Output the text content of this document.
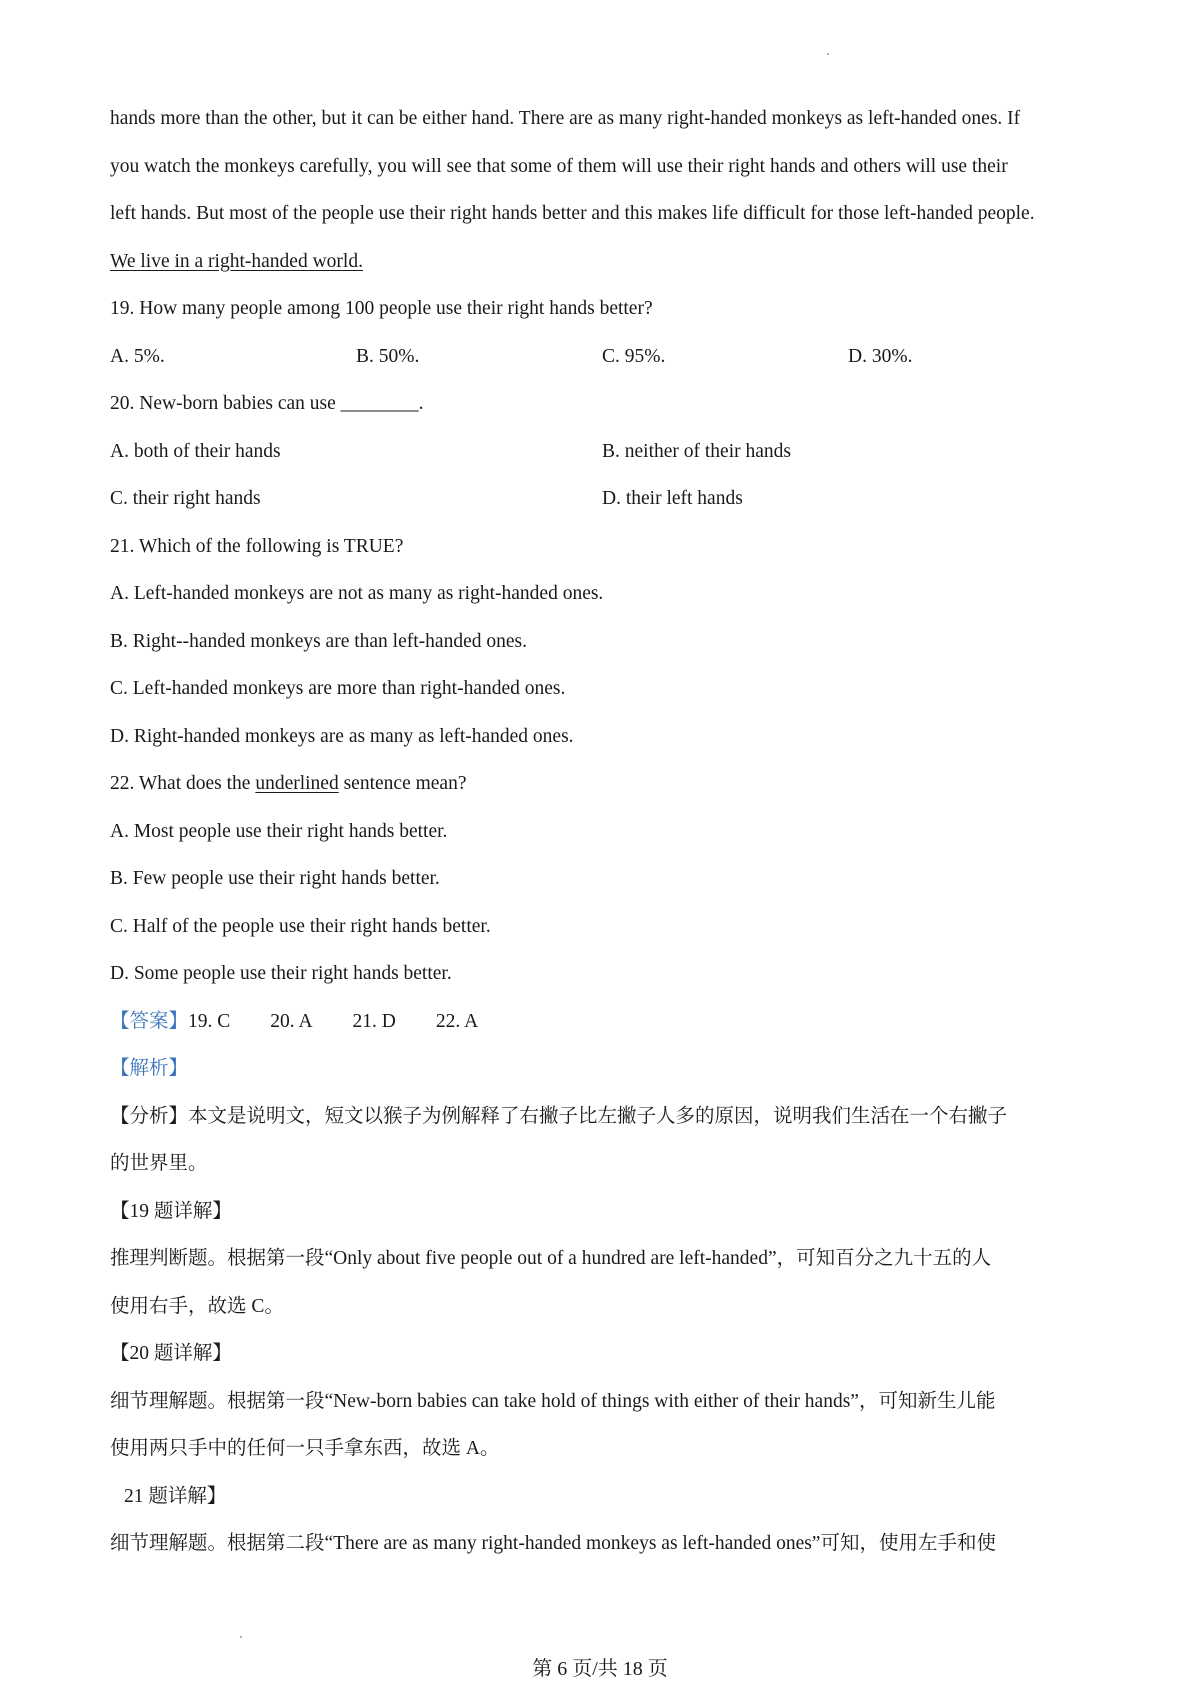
hands more than the other, but it can be either hand. There are as many right-handed monkeys as left-handed ones. If
you watch the monkeys carefully, you will see that some of them will use their right hands and others will use their
left hands. But most of the people use their right hands better and this makes life difficult for those left-handed people.
We live in a right-handed world.
19. How many people among 100 people use their right hands better?
A. 5%.	B. 50%.	C. 95%.	D. 30%.
20. New-born babies can use ________.
A. both of their hands	B. neither of their hands
C. their right hands	D. their left hands
21. Which of the following is TRUE?
A. Left-handed monkeys are not as many as right-handed ones.
B. Right--handed monkeys are than left-handed ones.
C. Left-handed monkeys are more than right-handed ones.
D. Right-handed monkeys are as many as left-handed ones.
22. What does the underlined sentence mean?
A. Most people use their right hands better.
B. Few people use their right hands better.
C. Half of the people use their right hands better.
D. Some people use their right hands better.
【答案】19. C 20. A 21. D 22. A
【解析】
【分析】本文是说明文，短文以猴子为例解释了右撇子比左撇子人多的原因，说明我们生活在一个右撇子
的世界里。
【19 题详解】
推理判断题。根据第一段“Only about five people out of a hundred are left-handed”，可知百分之九十五的人
使用右手，故选 C。
【20 题详解】
细节理解题。根据第一段“New-born babies can take hold of things with either of their hands”，可知新生儿能
使用两只手中的任何一只手拿东西，故选 A。
21 题详解】
细节理解题。根据第二段“There are as many right-handed monkeys as left-handed ones”可知，使用左手和使
第 6 页/共 18 页
